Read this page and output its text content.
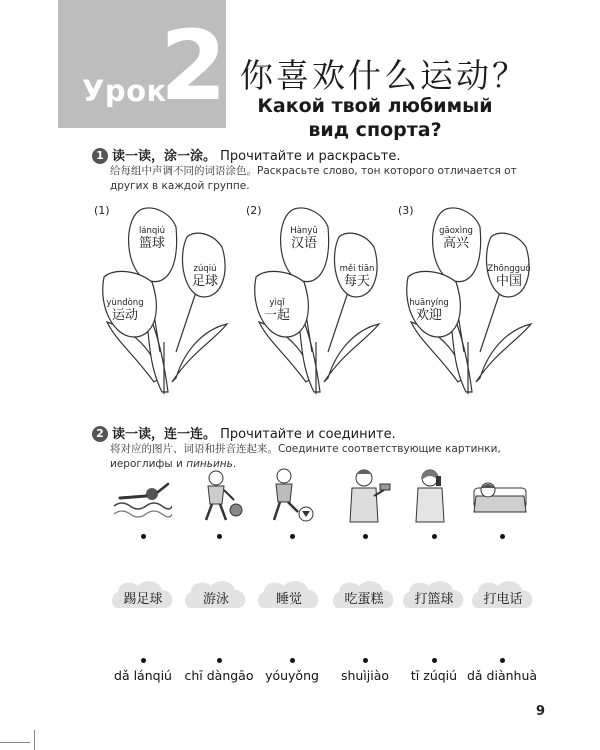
Урок
2 你喜欢什么运动？
Какой твой любимый вид спорта?
1 读一读，涂一涂。 Прочитайте и раскрасьте.
给每组中声调不同的词语涂色。Раскрасьте слово, тон которого отличается от других в каждой группе.
(1)
lánqiú
篮球
zúqiú
足球
yùndòng
运动
(2)
Hànyǔ
汉语
měi tiān
每天
yìqǐ
一起
(3)
gāoxìng
高兴
Zhōngguó
中国
huānyíng
欢迎
2 读一读，连一连。 Прочитайте и соедините.
将对应的图片、词语和拼音连起来。Соедините соответствующие картинки, иероглифы и пиньинь.
踢足球	游泳	睡觉	吃蛋糕	打篮球	打电话
dǎ lánqiú	chī dàngāo yóuyǒng	shuìjiào	tī zúqiú dǎ diànhuà
9
